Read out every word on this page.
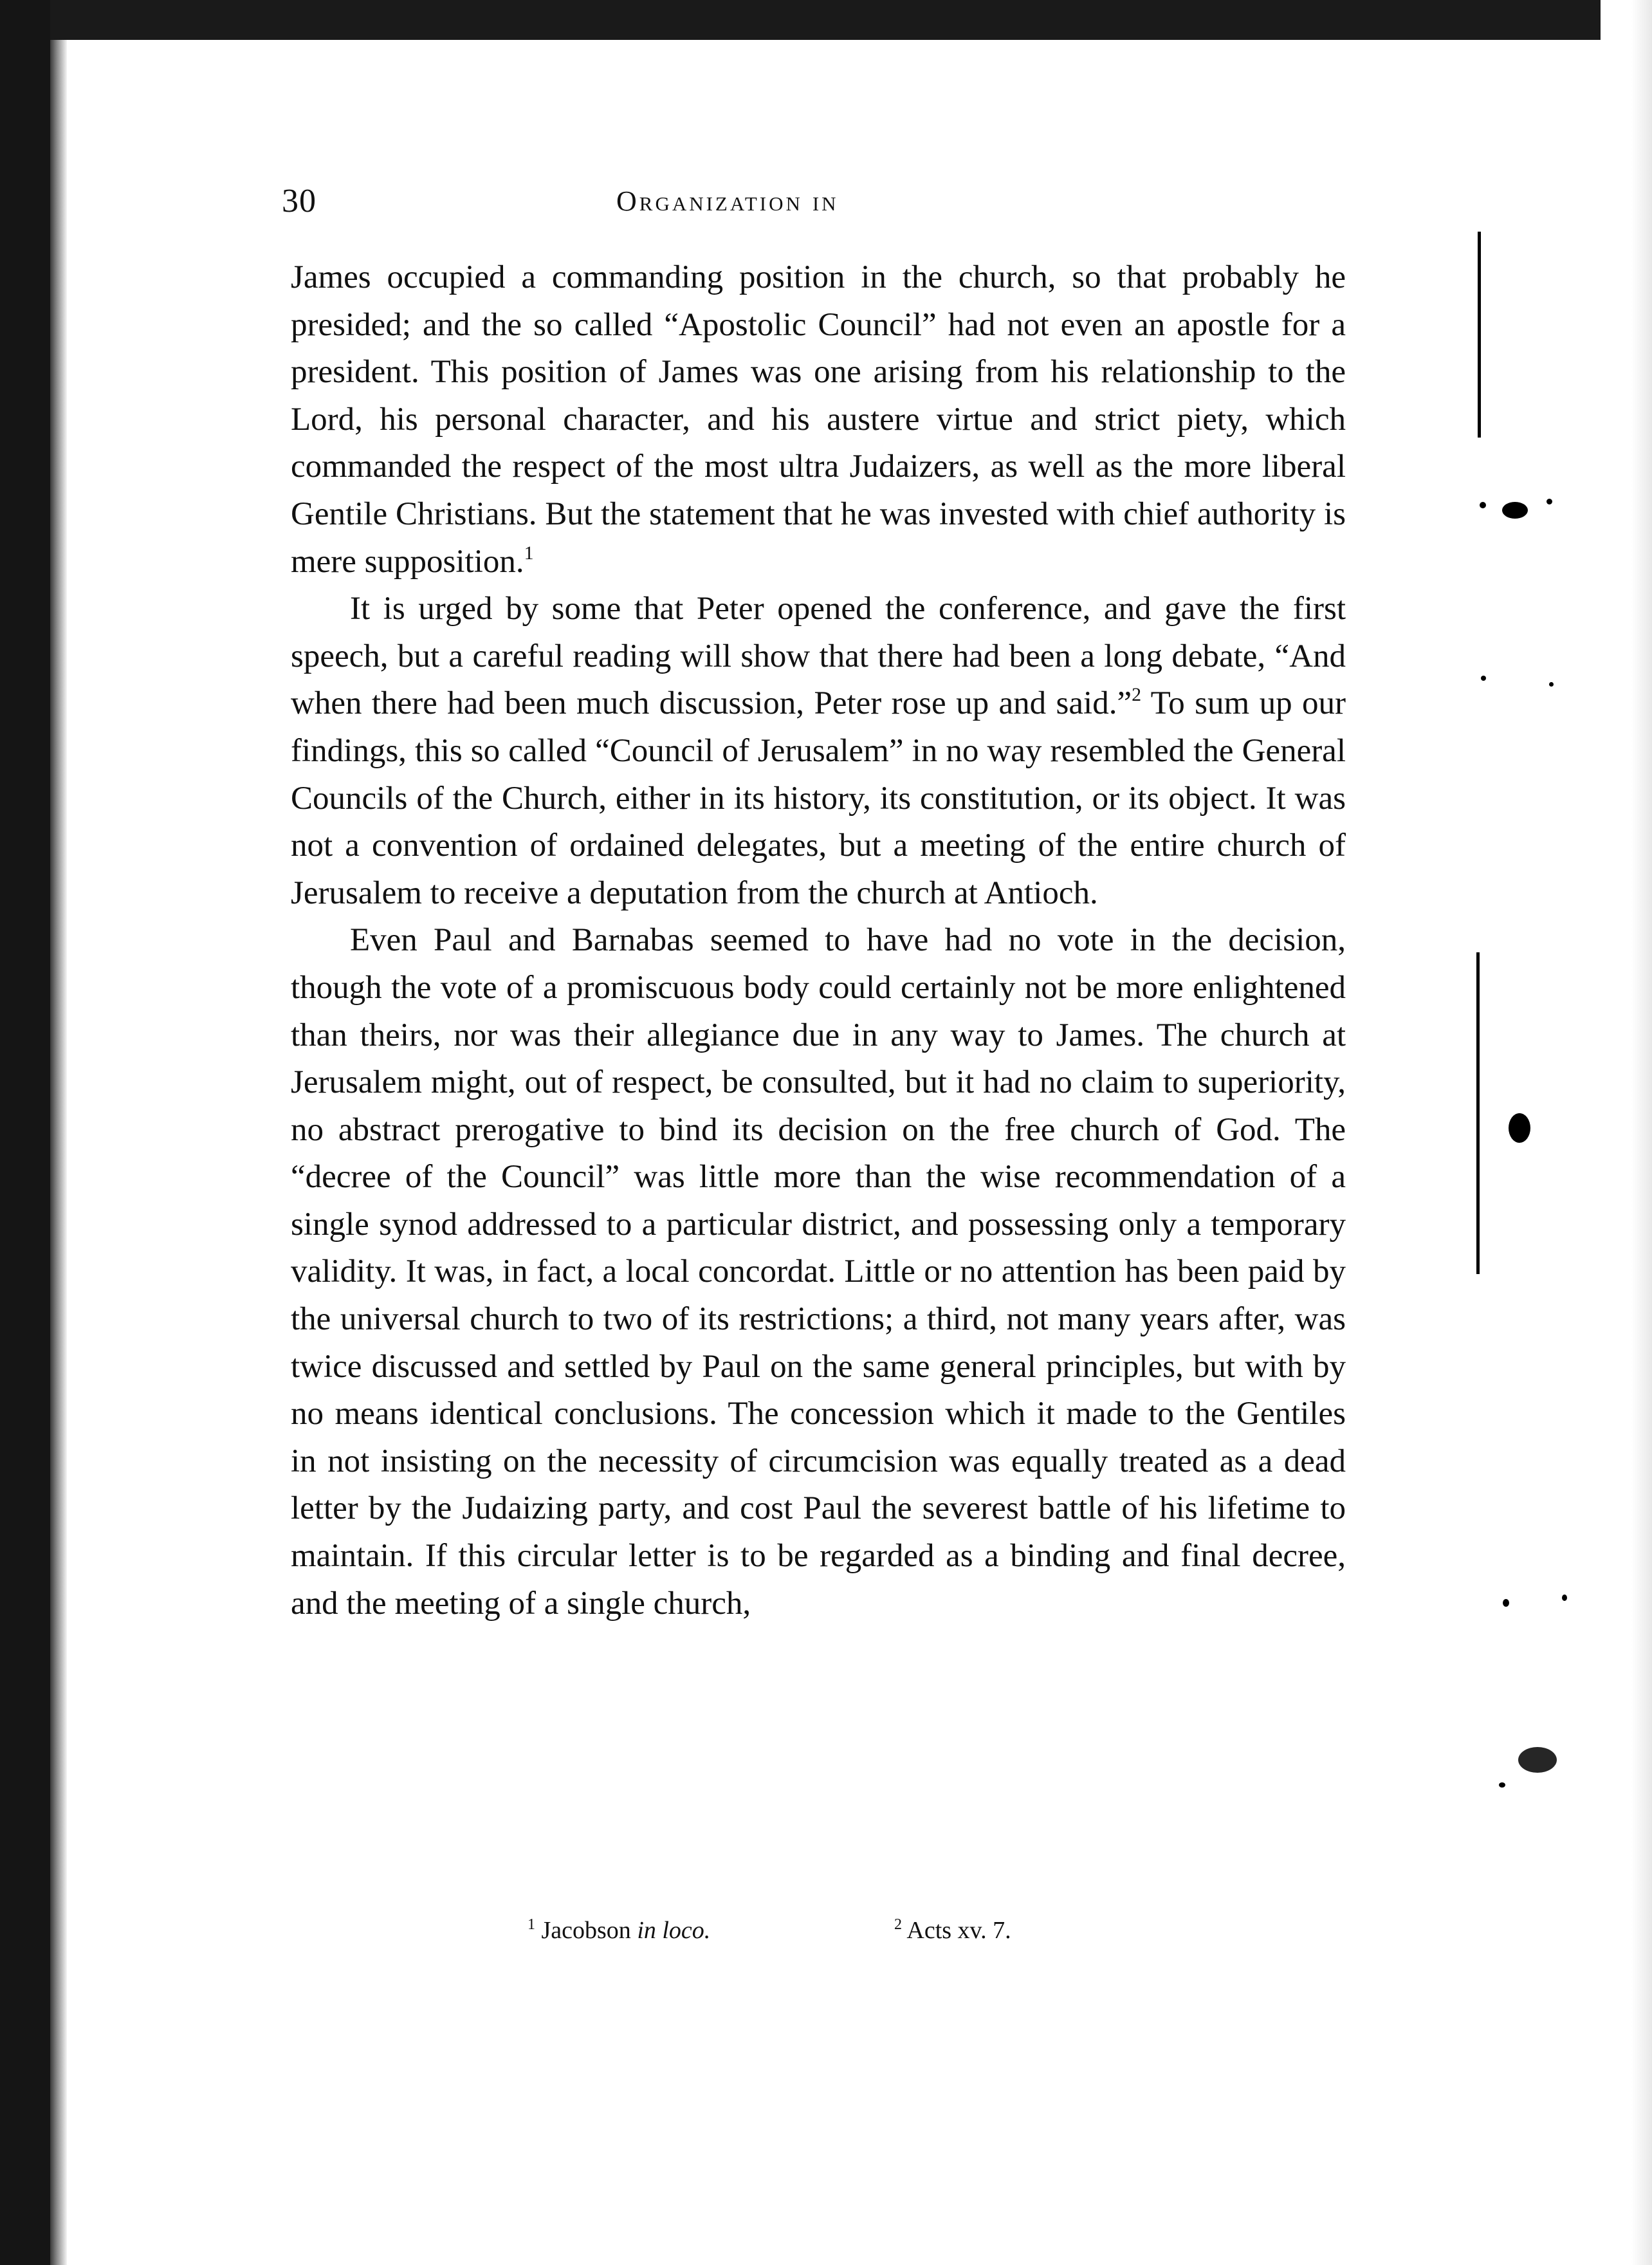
30	Organization in

James occupied a commanding position in the church, so that probably he presided; and the so called “Apostolic Council” had not even an apostle for a president. This position of James was one arising from his relationship to the Lord, his personal character, and his austere virtue and strict piety, which commanded the respect of the most ultra Judaizers, as well as the more liberal Gentile Christians. But the statement that he was invested with chief authority is mere supposition.$^1$

It is urged by some that Peter opened the conference, and gave the first speech, but a careful reading will show that there had been a long debate, “And when there had been much discussion, Peter rose up and said.”$^2$ To sum up our findings, this so called “Council of Jerusalem” in no way resembled the General Councils of the Church, either in its history, its constitution, or its object. It was not a convention of ordained delegates, but a meeting of the entire church of Jerusalem to receive a deputation from the church at Antioch.

Even Paul and Barnabas seemed to have had no vote in the decision, though the vote of a promiscuous body could certainly not be more enlightened than theirs, nor was their allegiance due in any way to James. The church at Jerusalem might, out of respect, be consulted, but it had no claim to superiority, no abstract prerogative to bind its decision on the free church of God. The “decree of the Council” was little more than the wise recommendation of a single synod addressed to a particular district, and possessing only a temporary validity. It was, in fact, a local concordat. Little or no attention has been paid by the universal church to two of its restrictions; a third, not many years after, was twice discussed and settled by Paul on the same general principles, but with by no means identical conclusions. The concession which it made to the Gentiles in not insisting on the necessity of circumcision was equally treated as a dead letter by the Judaizing party, and cost Paul the severest battle of his lifetime to maintain. If this circular letter is to be regarded as a binding and final decree, and the meeting of a single church,

$^1$ Jacobson in loco.	$^2$ Acts xv. 7.
